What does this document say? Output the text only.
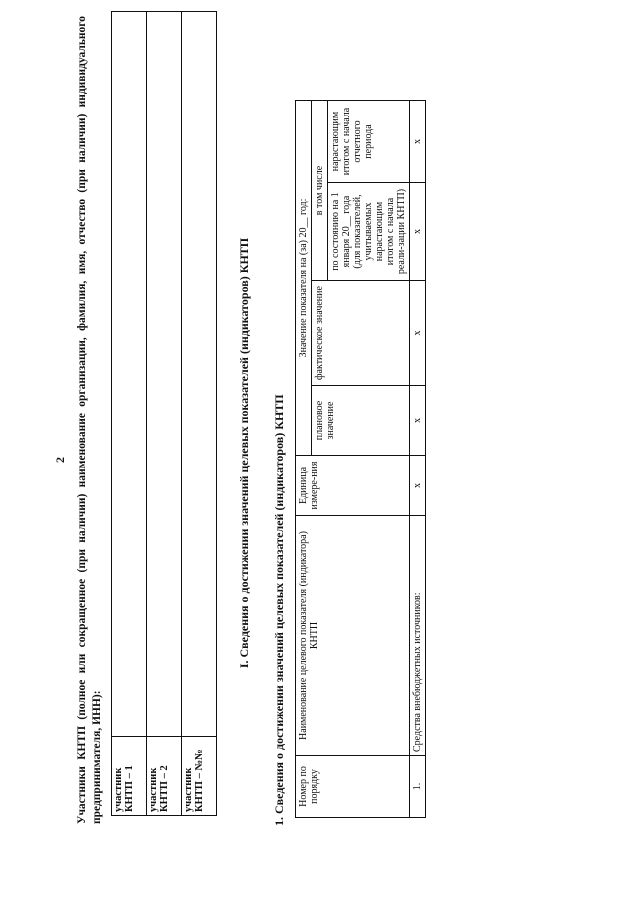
2 Участники КНТП (полное или сокращенное (при наличии) наименование организации, фамилия, имя, отчество (при наличии) индивидуального предпринимателя, ИНН): участник КНТП – 1	
участник КНТП – 2	
участник КНТП – №№	
I. Сведения о достижении значений целевых показателей (индикаторов) КНТП 1. Сведения о достижении значений целевых показателей (индикаторов) КНТП Номер по порядку	Наименование целевого показателя (индикатора) КНТП	Единица измере-ния	Значение показателя на (за) 20__ год:			
			плановое значение	фактическое значение	в том числе	
					по состоянию на 1 января 20__ года (для показателей, учитываемых нарастающим итогом с начала реали-зации КНТП)	нарастающим итогом с начала отчетного периода
1.	Средства внебюджетных источников:	x	x	x	x	x
